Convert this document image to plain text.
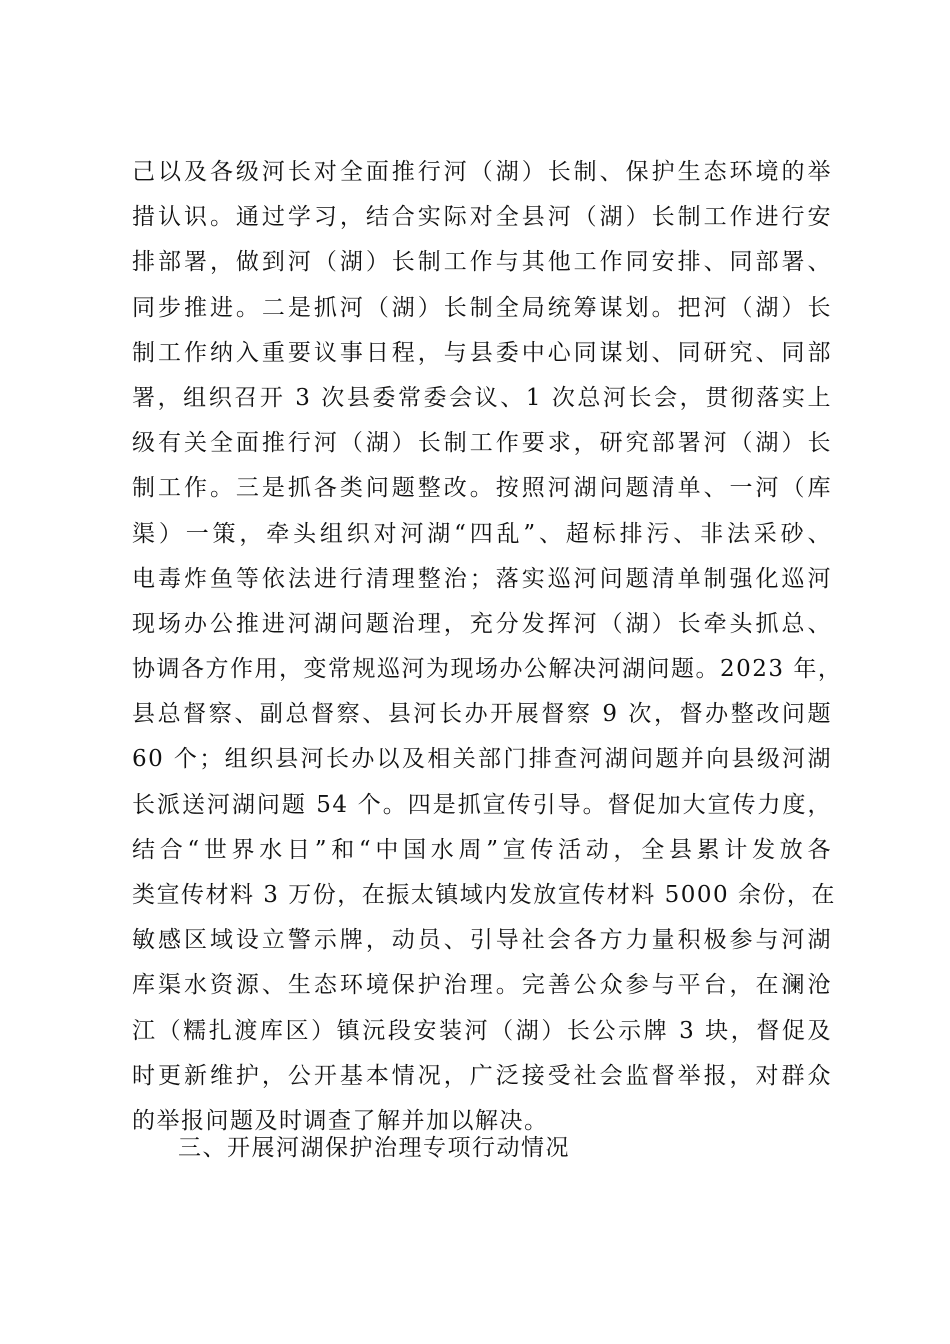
己以及各级河长对全面推行河（湖）长制、保护生态环境的举
措认识。通过学习，结合实际对全县河（湖）长制工作进行安
排部署，做到河（湖）长制工作与其他工作同安排、同部署、
同步推进。二是抓河（湖）长制全局统筹谋划。把河（湖）长
制工作纳入重要议事日程，与县委中心同谋划、同研究、同部
署，组织召开 3 次县委常委会议、1 次总河长会，贯彻落实上
级有关全面推行河（湖）长制工作要求，研究部署河（湖）长
制工作。三是抓各类问题整改。按照河湖问题清单、一河（库
渠）一策，牵头组织对河湖“四乱”、超标排污、非法采砂、
电毒炸鱼等依法进行清理整治；落实巡河问题清单制强化巡河
现场办公推进河湖问题治理，充分发挥河（湖）长牵头抓总、
协调各方作用，变常规巡河为现场办公解决河湖问题。2023 年，
县总督察、副总督察、县河长办开展督察 9 次，督办整改问题
60 个；组织县河长办以及相关部门排查河湖问题并向县级河湖
长派送河湖问题 54 个。四是抓宣传引导。督促加大宣传力度，
结合“世界水日”和“中国水周”宣传活动，全县累计发放各
类宣传材料 3 万份，在振太镇域内发放宣传材料 5000 余份，在
敏感区域设立警示牌，动员、引导社会各方力量积极参与河湖
库渠水资源、生态环境保护治理。完善公众参与平台，在澜沧
江（糯扎渡库区）镇沅段安装河（湖）长公示牌 3 块，督促及
时更新维护，公开基本情况，广泛接受社会监督举报，对群众
的举报问题及时调查了解并加以解决。
三、开展河湖保护治理专项行动情况
